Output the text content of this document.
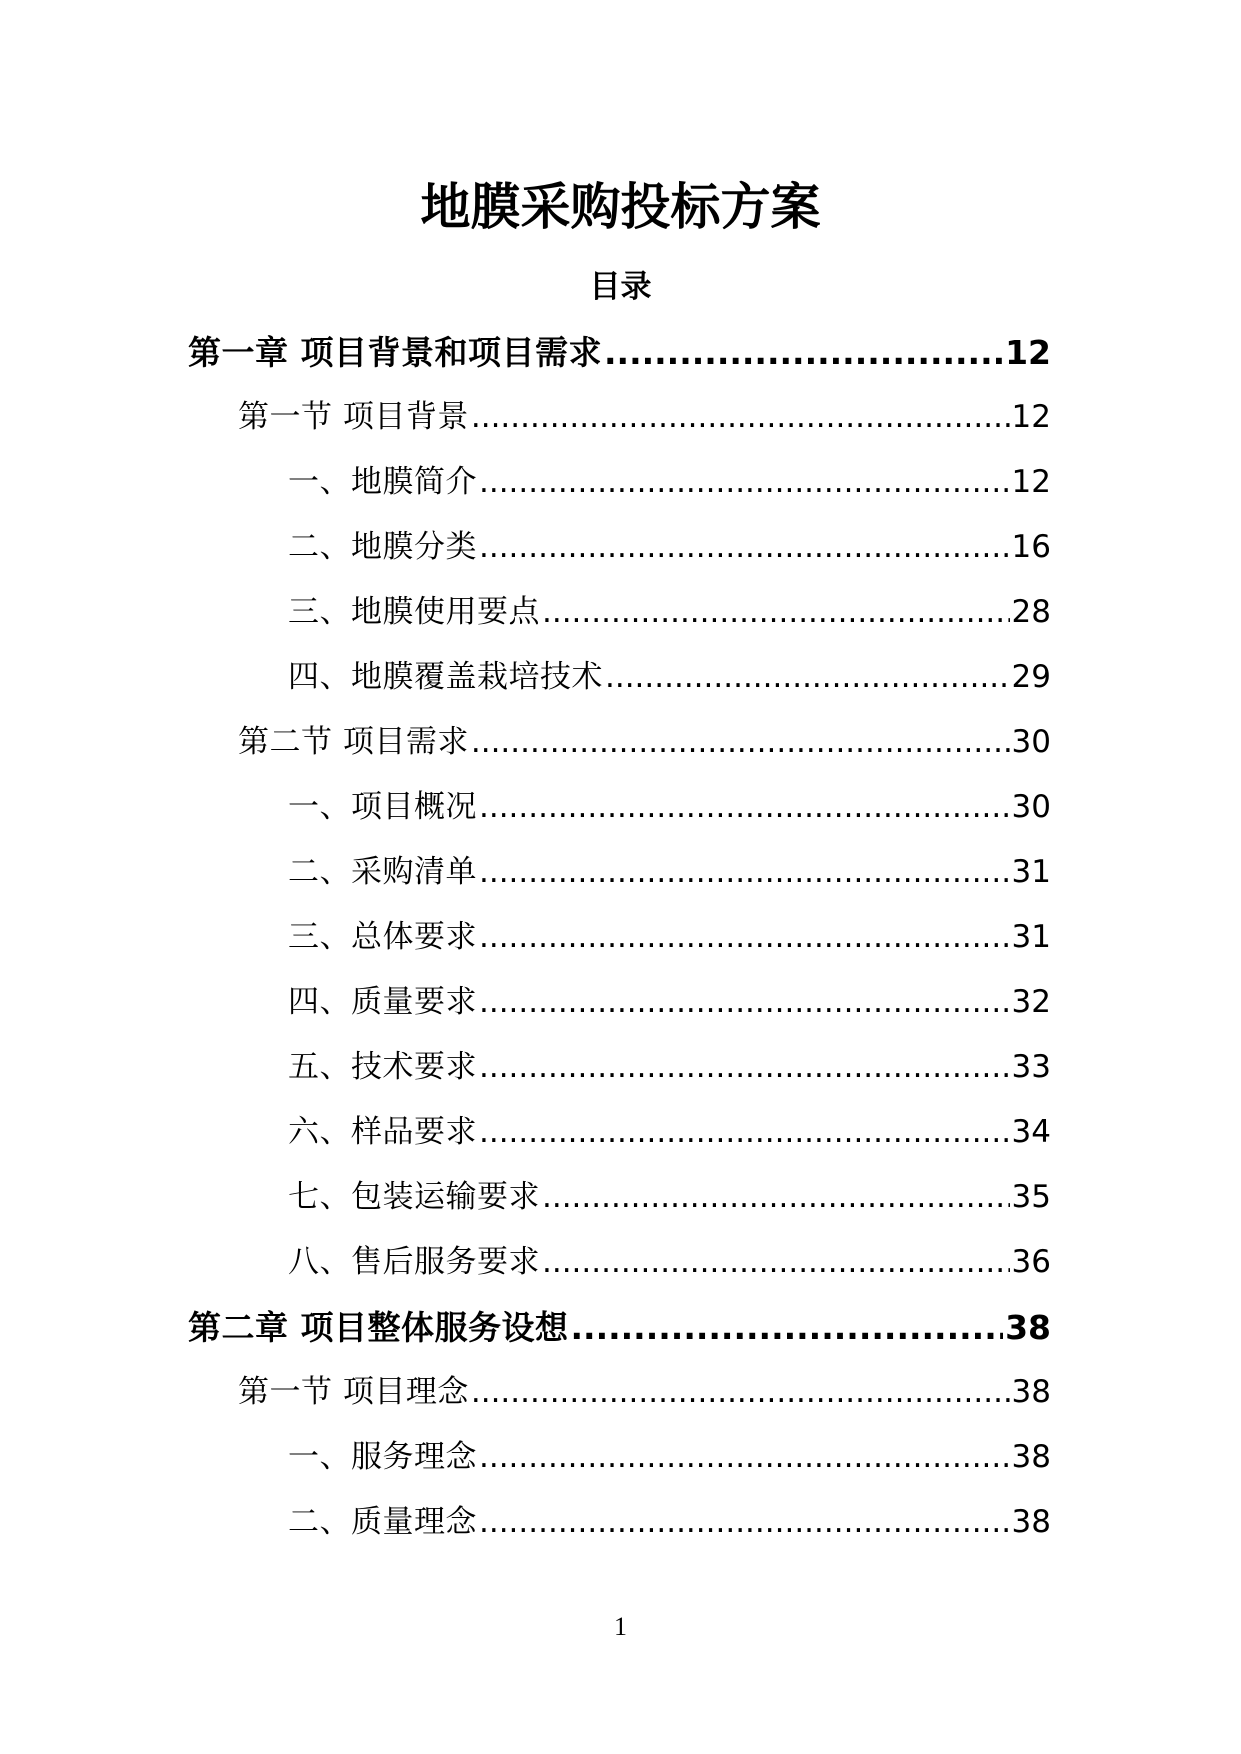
地膜采购投标方案
目录
第一章 项目背景和项目需求 .....	12
第一节 项目背景 .....	12
一、地膜简介 .....	12
二、地膜分类 .....	16
三、地膜使用要点 .....	28
四、地膜覆盖栽培技术 .....	29
第二节 项目需求 .....	30
一、项目概况 .....	30
二、采购清单 .....	31
三、总体要求 .....	31
四、质量要求 .....	32
五、技术要求 .....	33
六、样品要求 .....	34
七、包装运输要求 .....	35
八、售后服务要求 .....	36
第二章 项目整体服务设想 .....	38
第一节 项目理念 .....	38
一、服务理念 .....	38
二、质量理念 .....	38
1
